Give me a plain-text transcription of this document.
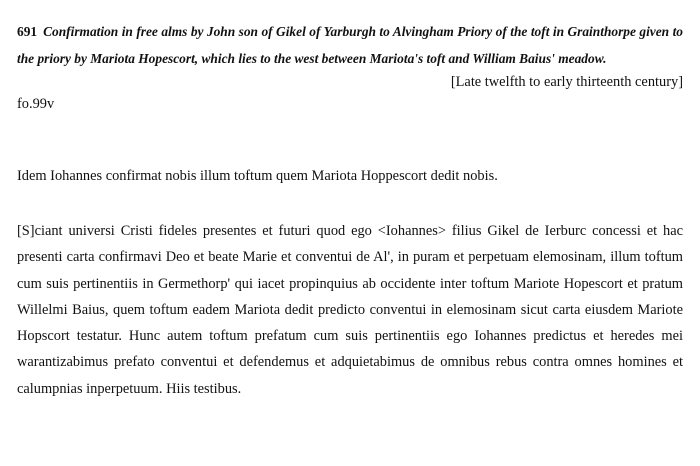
691 Confirmation in free alms by John son of Gikel of Yarburgh to Alvingham Priory of the toft in Grainthorpe given to the priory by Mariota Hopescort, which lies to the west between Mariota's toft and William Baius' meadow.

[Late twelfth to early thirteenth century]

fo.99v

Idem Iohannes confirmat nobis illum toftum quem Mariota Hoppescort dedit nobis.

[S]ciant universi Cristi fideles presentes et futuri quod ego <Iohannes> filius Gikel de Ierburc concessi et hac presenti carta confirmavi Deo et beate Marie et conventui de Al', in puram et perpetuam elemosinam, illum toftum cum suis pertinentiis in Germethorp' qui iacet propinquius ab occidente inter toftum Mariote Hopescort et pratum Willelmi Baius, quem toftum eadem Mariota dedit predicto conventui in elemosinam sicut carta eiusdem Mariote Hopscort testatur. Hunc autem toftum prefatum cum suis pertinentiis ego Iohannes predictus et heredes mei warantizabimus prefato conventui et defendemus et adquietabimus de omnibus rebus contra omnes homines et calumpnias inperpetuum. Hiis testibus.
